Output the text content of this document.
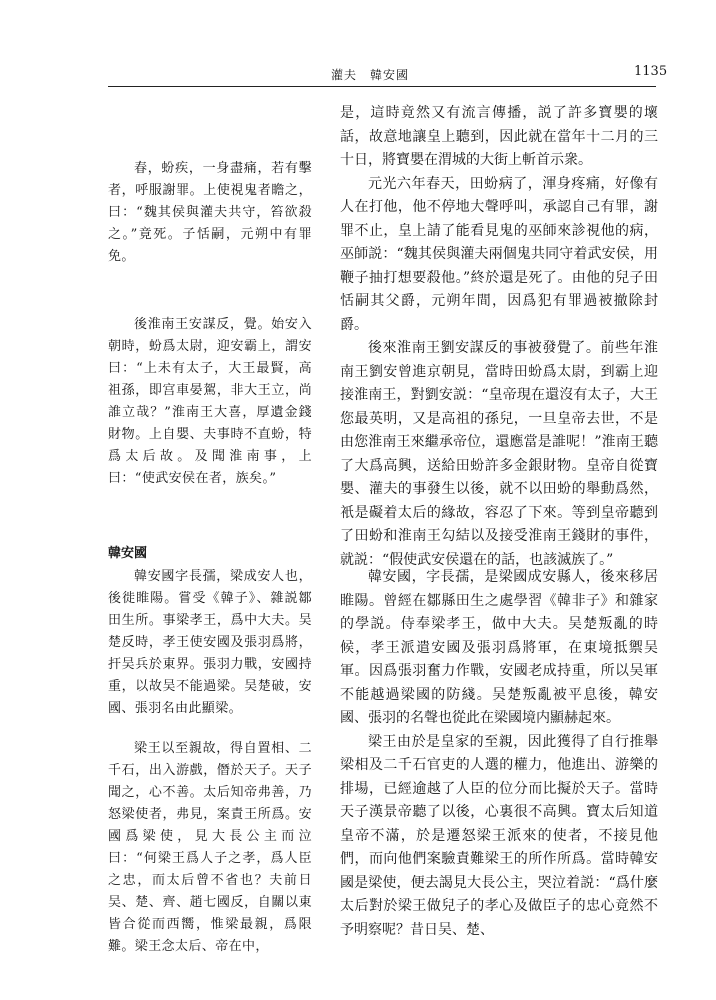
灌夫　韓安國	1135

春，蚡疾，一身盡痛，若有擊者，呼服謝罪。上使視鬼者瞻之，曰：“魏其侯與灌夫共守，笞欲殺之。”竟死。子恬嗣，元朔中有罪免。

後淮南王安謀反，覺。始安入朝時，蚡爲太尉，迎安霸上，謂安曰：“上未有太子，大王最賢，高祖孫，即宫車晏駕，非大王立，尚誰立哉？”淮南王大喜，厚遺金錢財物。上自嬰、夫事時不直蚡，特爲太后故。及聞淮南事，上曰：“使武安侯在者，族矣。”

韓安國

韓安國字長孺，梁成安人也，後徙睢陽。嘗受《韓子》、雜説鄒田生所。事梁孝王，爲中大夫。吴楚反時，孝王使安國及張羽爲將，扞吴兵於東界。張羽力戰，安國持重，以故吴不能過梁。吴楚破，安國、張羽名由此顯梁。

梁王以至親故，得自置相、二千石，出入游戲，僭於天子。天子聞之，心不善。太后知帝弗善，乃怒梁使者，弗見，案責王所爲。安國爲梁使，見大長公主而泣曰：“何梁王爲人子之孝，爲人臣之忠，而太后曾不省也？夫前日吴、楚、齊、趙七國反，自關以東皆合從而西嚮，惟梁最親，爲限難。梁王念太后、帝在中，

是，這時竟然又有流言傳播，説了許多寶嬰的壞話，故意地讓皇上聽到，因此就在當年十二月的三十日，將寶嬰在渭城的大街上斬首示衆。

元光六年春天，田蚡病了，渾身疼痛，好像有人在打他，他不停地大聲呼叫，承認自己有罪，謝罪不止，皇上請了能看見鬼的巫師來診視他的病，巫師説：“魏其侯與灌夫兩個鬼共同守着武安侯，用鞭子抽打想要殺他。”終於還是死了。由他的兒子田恬嗣其父爵，元朔年間，因爲犯有罪過被撤除封爵。

後來淮南王劉安謀反的事被發覺了。前些年淮南王劉安曾進京朝見，當時田蚡爲太尉，到霸上迎接淮南王，對劉安説：“皇帝現在還沒有太子，大王您最英明，又是高祖的孫兒，一旦皇帝去世，不是由您淮南王來繼承帝位，還應當是誰呢！”淮南王聽了大爲高興，送給田蚡許多金銀財物。皇帝自從寶嬰、灌夫的事發生以後，就不以田蚡的舉動爲然，衹是礙着太后的緣故，容忍了下來。等到皇帝聽到了田蚡和淮南王勾結以及接受淮南王錢財的事件，就説：“假使武安侯還在的話，也該滅族了。”

韓安國，字長孺，是梁國成安縣人，後來移居睢陽。曾經在鄒縣田生之處學習《韓非子》和雜家的學説。侍奉梁孝王，做中大夫。吴楚叛亂的時候，孝王派遣安國及張羽爲將軍，在東境抵禦吴軍。因爲張羽奮力作戰，安國老成持重，所以吴軍不能越過梁國的防綫。吴楚叛亂被平息後，韓安國、張羽的名聲也從此在梁國境内顯赫起來。

梁王由於是皇家的至親，因此獲得了自行推舉梁相及二千石官吏的人選的權力，他進出、游樂的排場，已經逾越了人臣的位分而比擬於天子。當時天子漢景帝聽了以後，心裏很不高興。寶太后知道皇帝不滿，於是遷怒梁王派來的使者，不接見他們，而向他們案驗責難梁王的所作所爲。當時韓安國是梁使，便去謁見大長公主，哭泣着説：“爲什麼太后對於梁王做兒子的孝心及做臣子的忠心竟然不予明察呢？昔日吴、楚、
